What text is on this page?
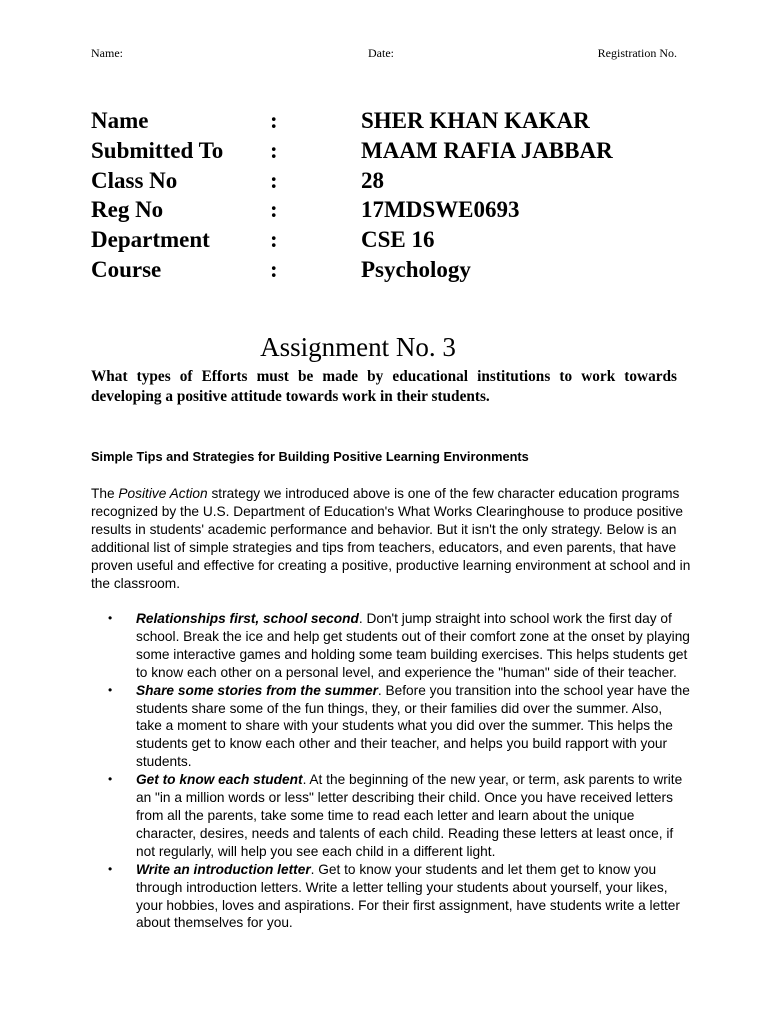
Name:	Date:	Registration No.
Name	:	SHER KHAN KAKAR
Submitted To :	MAAM RAFIA JABBAR
Class No	:	28
Reg No	:	17MDSWE0693
Department	:	CSE 16
Course	:	Psychology
Assignment No. 3

What types of Efforts must be made by educational institutions to work towards developing a positive attitude towards work in their students.

Simple Tips and Strategies for Building Positive Learning Environments

The Positive Action strategy we introduced above is one of the few character education programs recognized by the U.S. Department of Education's What Works Clearinghouse to produce positive results in students' academic performance and behavior. But it isn't the only strategy. Below is an additional list of simple strategies and tips from teachers, educators, and even parents, that have proven useful and effective for creating a positive, productive learning environment at school and in the classroom.

• Relationships first, school second. Don't jump straight into school work the first day of school. Break the ice and help get students out of their comfort zone at the onset by playing some interactive games and holding some team building exercises. This helps students get to know each other on a personal level, and experience the "human" side of their teacher.
• Share some stories from the summer. Before you transition into the school year have the students share some of the fun things, they, or their families did over the summer. Also, take a moment to share with your students what you did over the summer. This helps the students get to know each other and their teacher, and helps you build rapport with your students.
• Get to know each student. At the beginning of the new year, or term, ask parents to write an "in a million words or less" letter describing their child. Once you have received letters from all the parents, take some time to read each letter and learn about the unique character, desires, needs and talents of each child. Reading these letters at least once, if not regularly, will help you see each child in a different light.
• Write an introduction letter. Get to know your students and let them get to know you through introduction letters. Write a letter telling your students about yourself, your likes, your hobbies, loves and aspirations. For their first assignment, have students write a letter about themselves for you.
